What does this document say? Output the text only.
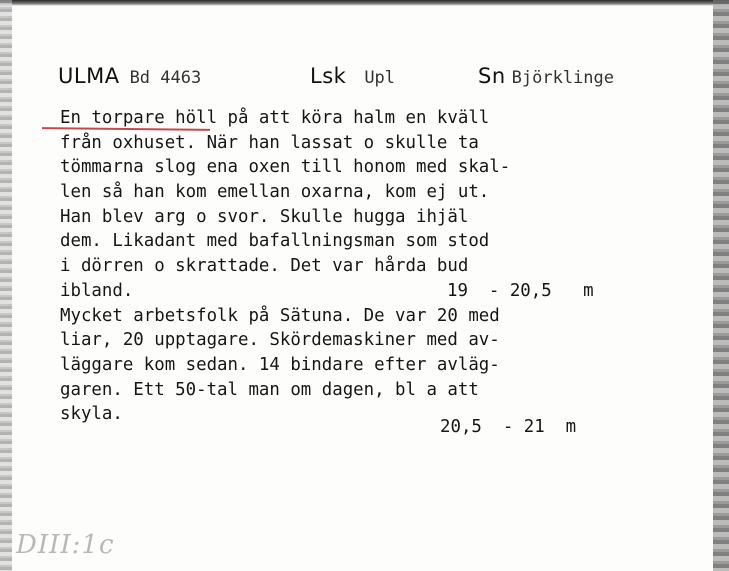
ULMA Bd 4463	Lsk Upl	Sn Björklinge
En torpare höll på att köra halm en kväll
från oxhuset. När han lassat o skulle ta
tömmarna slog ena oxen till honom med skal-
len så han kom emellan oxarna, kom ej ut.
Han blev arg o svor. Skulle hugga ihjäl
dem. Likadant med bafallningsman som stod
i dörren o skrattade. Det var hårda bud
ibland.	19  - 20,5   m
Mycket arbetsfolk på Sätuna. De var 20 med
liar, 20 upptagare. Skördemaskiner med av-
läggare kom sedan. 14 bindare efter avläg-
garen. Ett 50-tal man om dagen, bl a att
skyla.
20,5  - 21  m
DIII:1c
